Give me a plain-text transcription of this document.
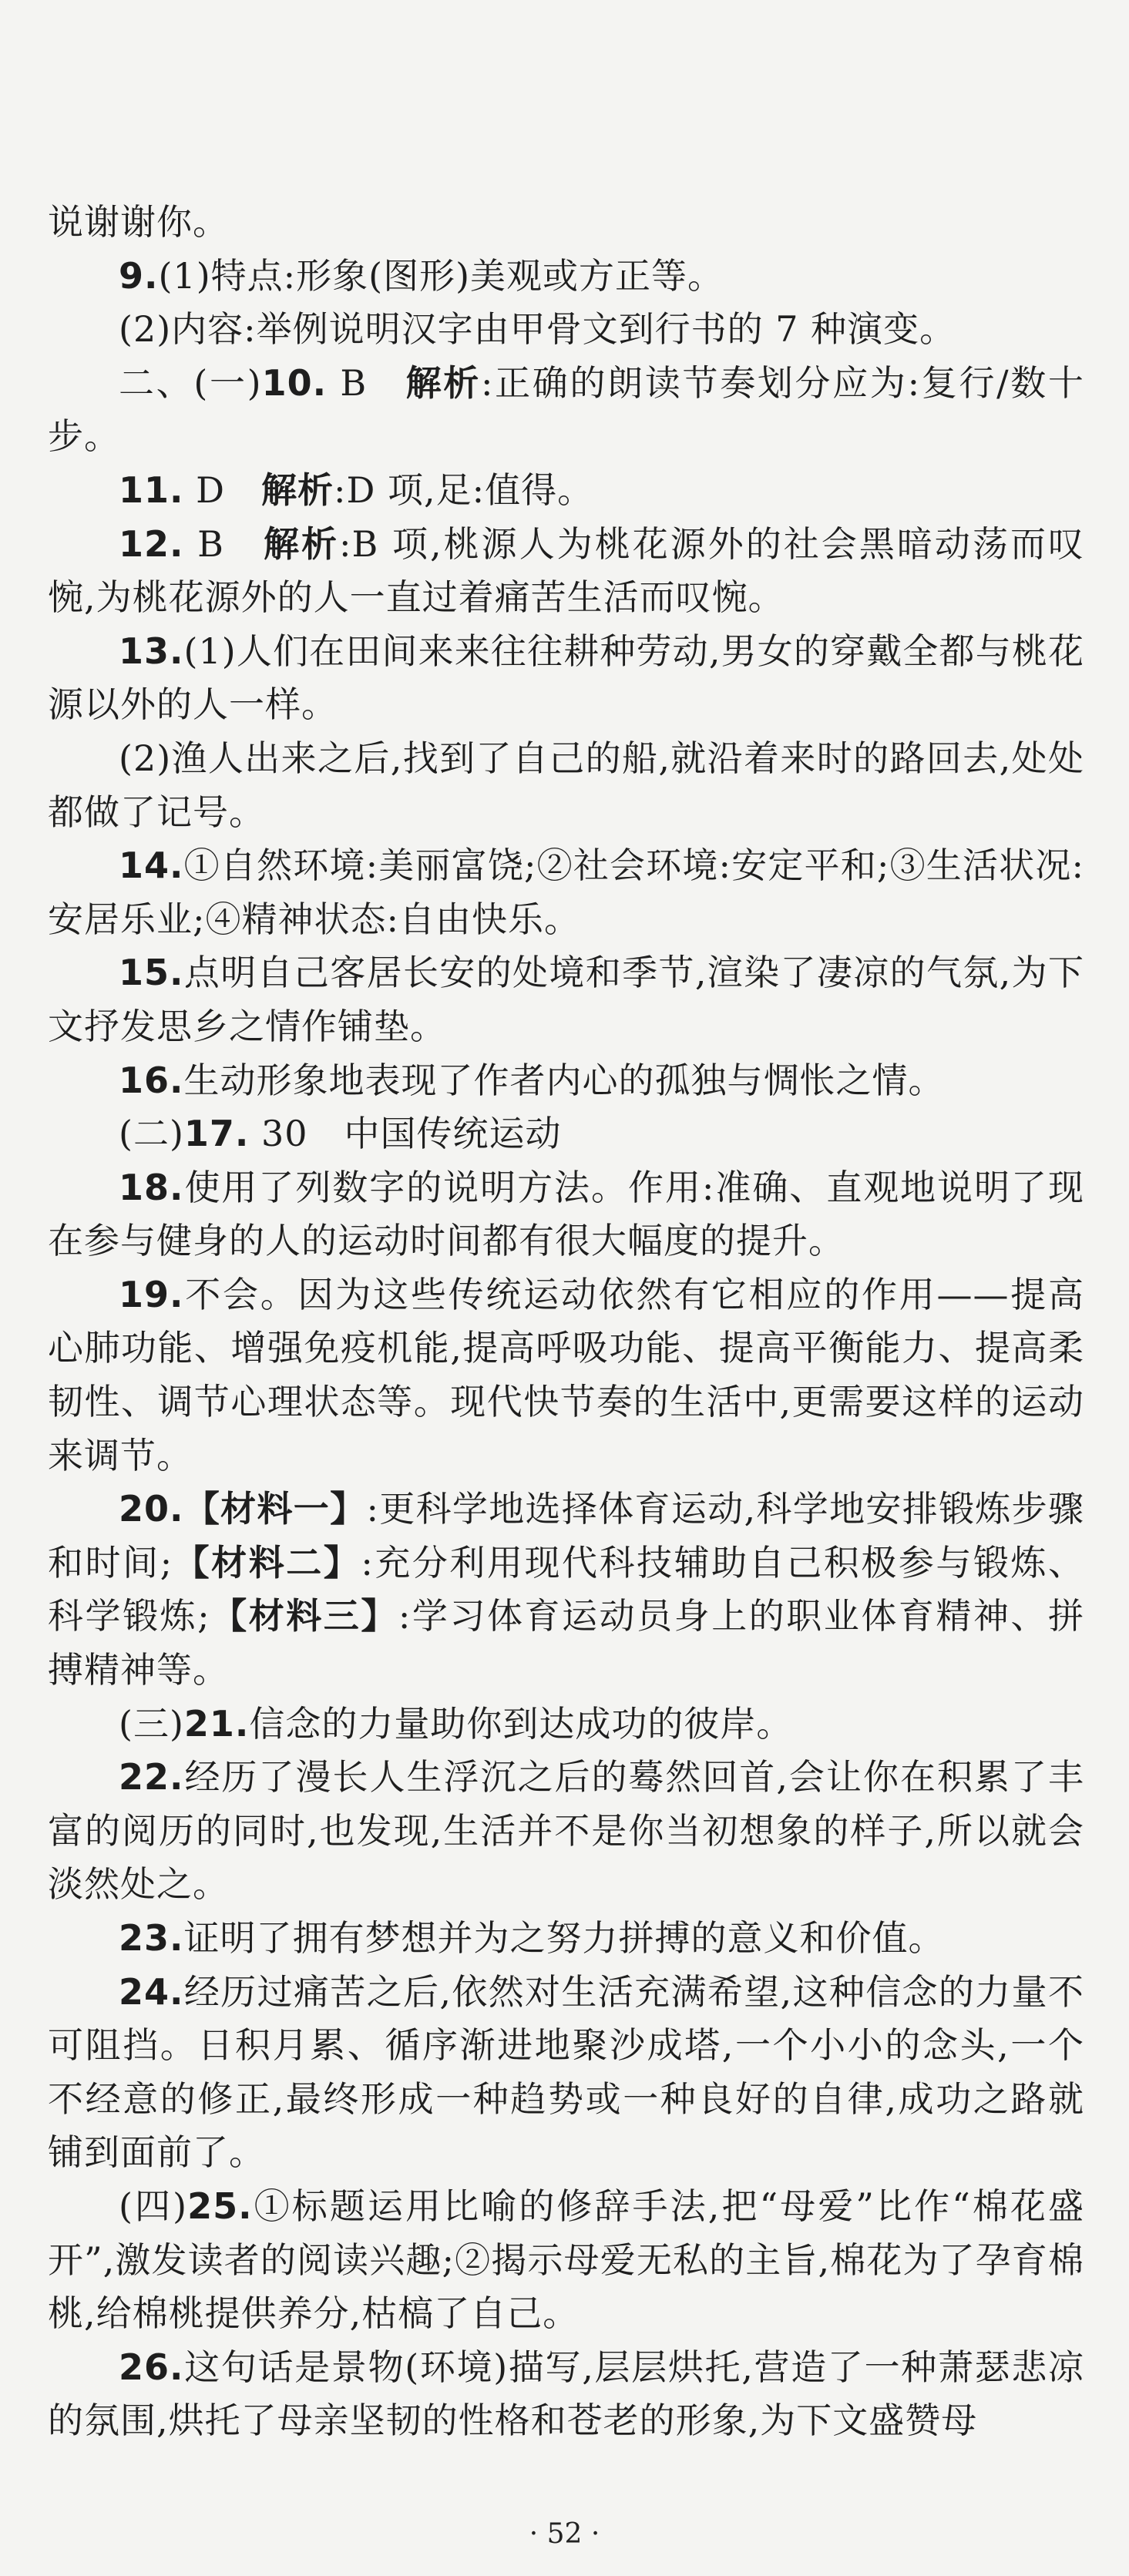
说谢谢你。

9.(1)特点:形象(图形)美观或方正等。

(2)内容:举例说明汉字由甲骨文到行书的 7 种演变。

二、(一)10. B　解析:正确的朗读节奏划分应为:复行/数十步。

11. D　解析:D 项,足:值得。

12. B　解析:B 项,桃源人为桃花源外的社会黑暗动荡而叹惋,为桃花源外的人一直过着痛苦生活而叹惋。

13.(1)人们在田间来来往往耕种劳动,男女的穿戴全都与桃花源以外的人一样。

(2)渔人出来之后,找到了自己的船,就沿着来时的路回去,处处都做了记号。

14.①自然环境:美丽富饶;②社会环境:安定平和;③生活状况:安居乐业;④精神状态:自由快乐。

15.点明自己客居长安的处境和季节,渲染了凄凉的气氛,为下文抒发思乡之情作铺垫。

16.生动形象地表现了作者内心的孤独与惆怅之情。

(二)17. 30　中国传统运动

18.使用了列数字的说明方法。作用:准确、直观地说明了现在参与健身的人的运动时间都有很大幅度的提升。

19.不会。因为这些传统运动依然有它相应的作用——提高心肺功能、增强免疫机能,提高呼吸功能、提高平衡能力、提高柔韧性、调节心理状态等。现代快节奏的生活中,更需要这样的运动来调节。

20.【材料一】:更科学地选择体育运动,科学地安排锻炼步骤和时间;【材料二】:充分利用现代科技辅助自己积极参与锻炼、科学锻炼;【材料三】:学习体育运动员身上的职业体育精神、拼搏精神等。

(三)21.信念的力量助你到达成功的彼岸。

22.经历了漫长人生浮沉之后的蓦然回首,会让你在积累了丰富的阅历的同时,也发现,生活并不是你当初想象的样子,所以就会淡然处之。

23.证明了拥有梦想并为之努力拼搏的意义和价值。

24.经历过痛苦之后,依然对生活充满希望,这种信念的力量不可阻挡。日积月累、循序渐进地聚沙成塔,一个小小的念头,一个不经意的修正,最终形成一种趋势或一种良好的自律,成功之路就铺到面前了。

(四)25.①标题运用比喻的修辞手法,把“母爱”比作“棉花盛开”,激发读者的阅读兴趣;②揭示母爱无私的主旨,棉花为了孕育棉桃,给棉桃提供养分,枯槁了自己。

26.这句话是景物(环境)描写,层层烘托,营造了一种萧瑟悲凉的氛围,烘托了母亲坚韧的性格和苍老的形象,为下文盛赞母

· 52 ·
